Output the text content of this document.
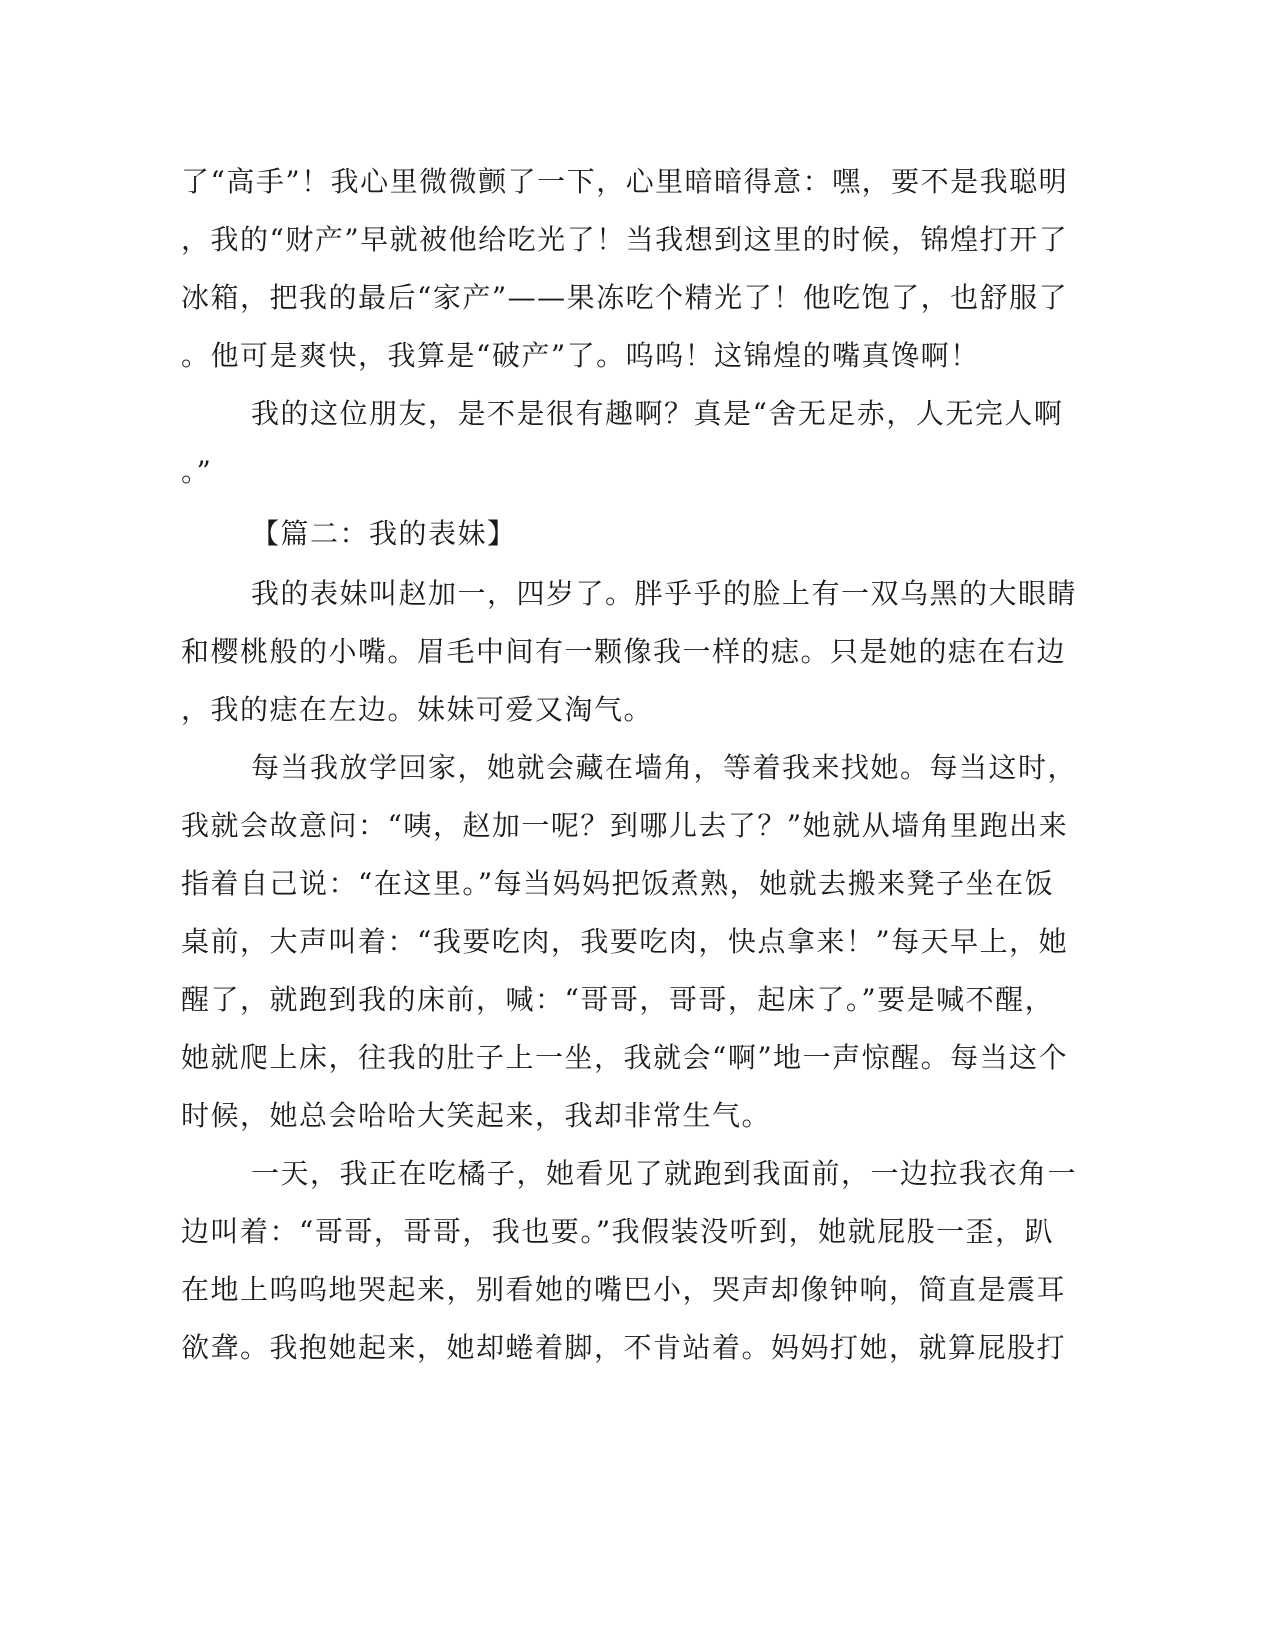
了“高手”！我心里微微颤了一下，心里暗暗得意：嘿，要不是我聪明
，我的“财产”早就被他给吃光了！当我想到这里的时候，锦煌打开了
冰箱，把我的最后“家产”——果冻吃个精光了！他吃饱了，也舒服了
。他可是爽快，我算是“破产”了。呜呜！这锦煌的嘴真馋啊！
我的这位朋友，是不是很有趣啊？真是“舍无足赤，人无完人啊
。”
【篇二：我的表妹】
我的表妹叫赵加一，四岁了。胖乎乎的脸上有一双乌黑的大眼睛
和樱桃般的小嘴。眉毛中间有一颗像我一样的痣。只是她的痣在右边
，我的痣在左边。妹妹可爱又淘气。
每当我放学回家，她就会藏在墙角，等着我来找她。每当这时，
我就会故意问：“咦，赵加一呢？到哪儿去了？”她就从墙角里跑出来
指着自己说：“在这里。”每当妈妈把饭煮熟，她就去搬来凳子坐在饭
桌前，大声叫着：“我要吃肉，我要吃肉，快点拿来！”每天早上，她
醒了，就跑到我的床前，喊：“哥哥，哥哥，起床了。”要是喊不醒，
她就爬上床，往我的肚子上一坐，我就会“啊”地一声惊醒。每当这个
时候，她总会哈哈大笑起来，我却非常生气。
一天，我正在吃橘子，她看见了就跑到我面前，一边拉我衣角一
边叫着：“哥哥，哥哥，我也要。”我假装没听到，她就屁股一歪，趴
在地上呜呜地哭起来，别看她的嘴巴小，哭声却像钟响，简直是震耳
欲聋。我抱她起来，她却蜷着脚，不肯站着。妈妈打她，就算屁股打
